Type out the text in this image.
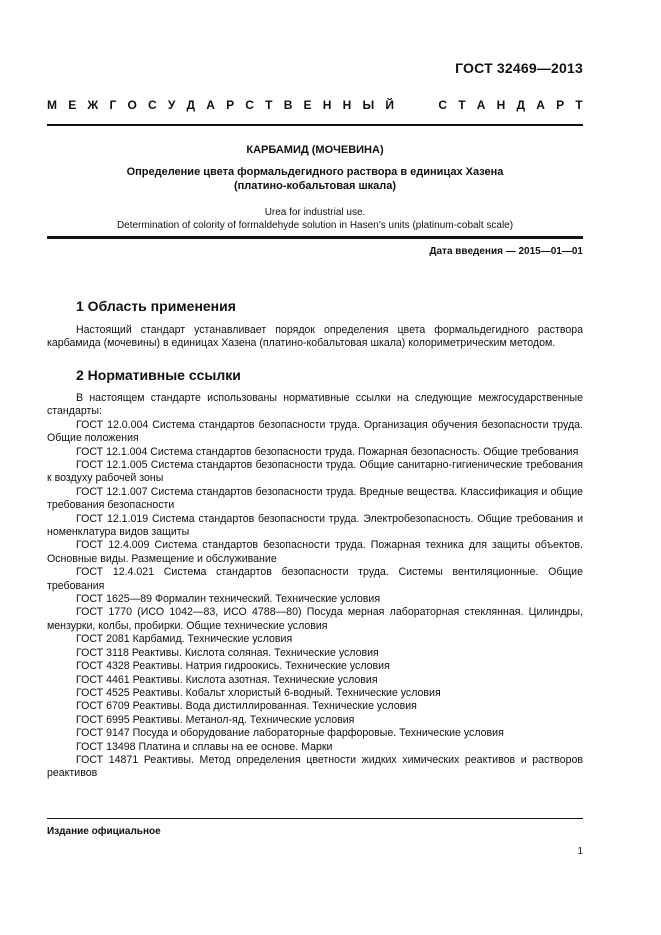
ГОСТ 32469—2013
М Е Ж Г О С У Д А Р С Т В Е Н Н Ы Й	С Т А Н Д А Р Т
КАРБАМИД (МОЧЕВИНА)
Определение цвета формальдегидного раствора в единицах Хазена
(платино-кобальтовая шкала)
Urea for industrial use.
Determination of colority of formaldehyde solution in Hasen’s units (platinum-cobalt scale)
Дата введения — 2015—01—01
1 Область применения

Настоящий стандарт устанавливает порядок определения цвета формальдегидного раствора карбамида (мочевины) в единицах Хазена (платино-кобальтовая шкала) колориметрическим методом.

2 Нормативные ссылки

В настоящем стандарте использованы нормативные ссылки на следующие межгосударственные стандарты:

ГОСТ 12.0.004 Система стандартов безопасности труда. Организация обучения безопасности труда. Общие положения

ГОСТ 12.1.004 Система стандартов безопасности труда. Пожарная безопасность. Общие требования

ГОСТ 12.1.005 Система стандартов безопасности труда. Общие санитарно-гигиенические требования к воздуху рабочей зоны

ГОСТ 12.1.007 Система стандартов безопасности труда. Вредные вещества. Классификация и общие требования безопасности

ГОСТ 12.1.019 Система стандартов безопасности труда. Электробезопасность. Общие требования и номенклатура видов защиты

ГОСТ 12.4.009 Система стандартов безопасности труда. Пожарная техника для защиты объектов. Основные виды. Размещение и обслуживание

ГОСТ 12.4.021 Система стандартов безопасности труда. Системы вентиляционные. Общие требования

ГОСТ 1625—89 Формалин технический. Технические условия

ГОСТ 1770 (ИСО 1042—83, ИСО 4788—80) Посуда мерная лабораторная стеклянная. Цилиндры, мензурки, колбы, пробирки. Общие технические условия

ГОСТ 2081 Карбамид. Технические условия

ГОСТ 3118 Реактивы. Кислота соляная. Технические условия

ГОСТ 4328 Реактивы. Натрия гидроокись. Технические условия

ГОСТ 4461 Реактивы. Кислота азотная. Технические условия

ГОСТ 4525 Реактивы. Кобальт хлористый 6-водный. Технические условия

ГОСТ 6709 Реактивы. Вода дистиллированная. Технические условия

ГОСТ 6995 Реактивы. Метанол-яд. Технические условия

ГОСТ 9147 Посуда и оборудование лабораторные фарфоровые. Технические условия

ГОСТ 13498 Платина и сплавы на ее основе. Марки

ГОСТ 14871 Реактивы. Метод определения цветности жидких химических реактивов и растворов реактивов

Издание официальное
1
